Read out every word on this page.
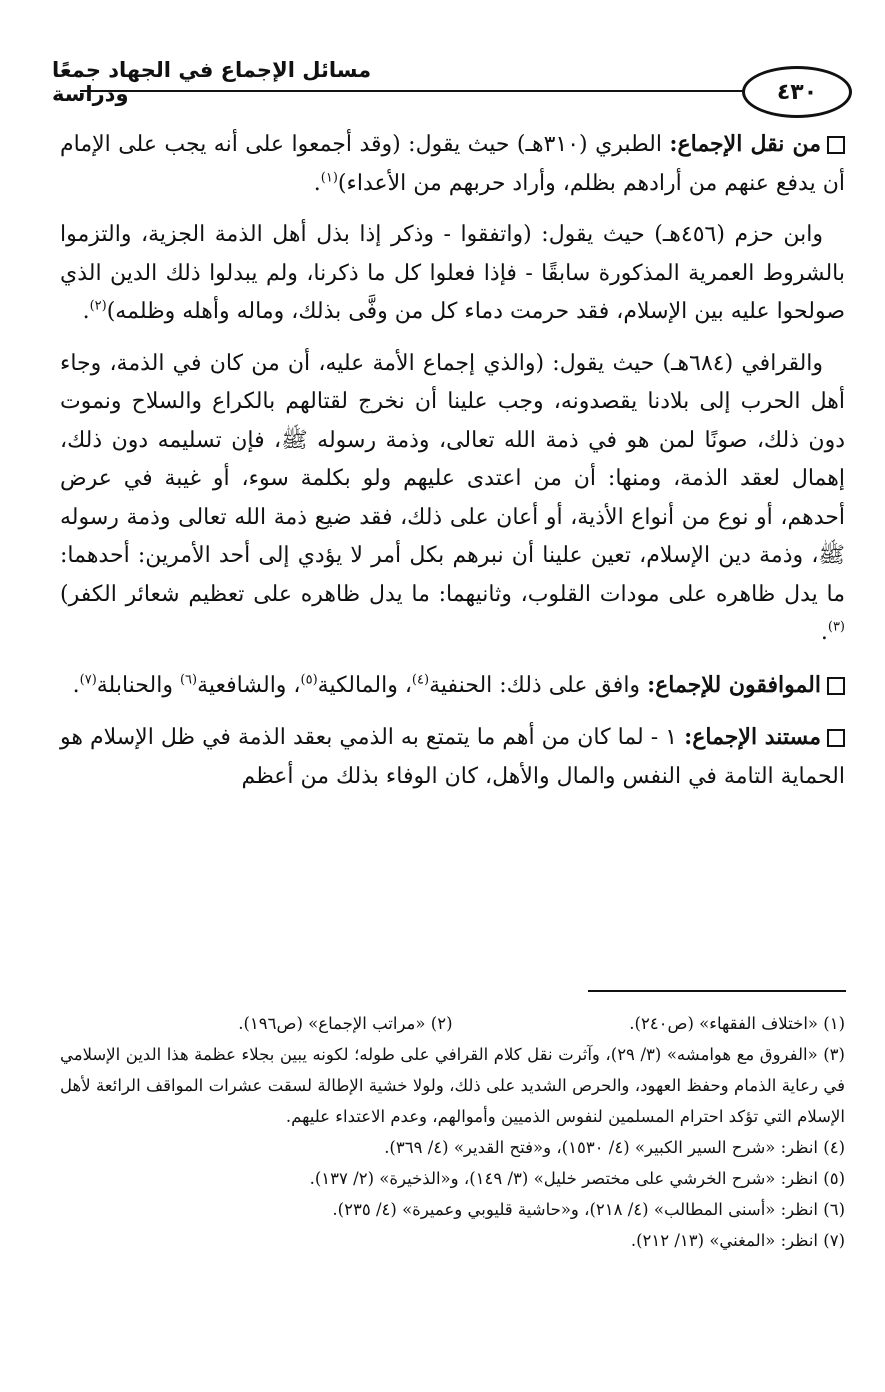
مسائل الإجماع في الجهاد جمعًا ودراسة	٤٣٠

من نقل الإجماع: الطبري (٣١٠هـ) حيث يقول: (وقد أجمعوا على أنه يجب على الإمام أن يدفع عنهم من أرادهم بظلم، وأراد حربهم من الأعداء)$^{(١)}$.

وابن حزم (٤٥٦هـ) حيث يقول: (واتفقوا - وذكر إذا بذل أهل الذمة الجزية، والتزموا بالشروط العمرية المذكورة سابقًا - فإذا فعلوا كل ما ذكرنا، ولم يبدلوا ذلك الدين الذي صولحوا عليه بين الإسلام، فقد حرمت دماء كل من وفَّى بذلك، وماله وأهله وظلمه)$^{(٢)}$.

والقرافي (٦٨٤هـ) حيث يقول: (والذي إجماع الأمة عليه، أن من كان في الذمة، وجاء أهل الحرب إلى بلادنا يقصدونه، وجب علينا أن نخرج لقتالهم بالكراع والسلاح ونموت دون ذلك، صونًا لمن هو في ذمة الله تعالى، وذمة رسوله ﷺ، فإن تسليمه دون ذلك، إهمال لعقد الذمة، ومنها: أن من اعتدى عليهم ولو بكلمة سوء، أو غيبة في عرض أحدهم، أو نوع من أنواع الأذية، أو أعان على ذلك، فقد ضيع ذمة الله تعالى وذمة رسوله ﷺ، وذمة دين الإسلام، تعين علينا أن نبرهم بكل أمر لا يؤدي إلى أحد الأمرين: أحدهما: ما يدل ظاهره على مودات القلوب، وثانيهما: ما يدل ظاهره على تعظيم شعائر الكفر)$^{(٣)}$.

الموافقون للإجماع: وافق على ذلك: الحنفية$^{(٤)}$، والمالكية$^{(٥)}$، والشافعية$^{(٦)}$ والحنابلة$^{(٧)}$.

مستند الإجماع: ١ - لما كان من أهم ما يتمتع به الذمي بعقد الذمة في ظل الإسلام هو الحماية التامة في النفس والمال والأهل، كان الوفاء بذلك من أعظم

(١) «اختلاف الفقهاء» (ص٢٤٠).

(٢) «مراتب الإجماع» (ص١٩٦).

(٣) «الفروق مع هوامشه» (٣/ ٢٩)، وآثرت نقل كلام القرافي على طوله؛ لكونه يبين بجلاء عظمة هذا الدين الإسلامي في رعاية الذمام وحفظ العهود، والحرص الشديد على ذلك، ولولا خشية الإطالة لسقت عشرات المواقف الرائعة لأهل الإسلام التي تؤكد احترام المسلمين لنفوس الذميين وأموالهم، وعدم الاعتداء عليهم.

(٤) انظر: «شرح السير الكبير» (٤/ ١٥٣٠)، و«فتح القدير» (٤/ ٣٦٩).

(٥) انظر: «شرح الخرشي على مختصر خليل» (٣/ ١٤٩)، و«الذخيرة» (٢/ ١٣٧).

(٦) انظر: «أسنى المطالب» (٤/ ٢١٨)، و«حاشية قليوبي وعميرة» (٤/ ٢٣٥).

(٧) انظر: «المغني» (١٣/ ٢١٢).
